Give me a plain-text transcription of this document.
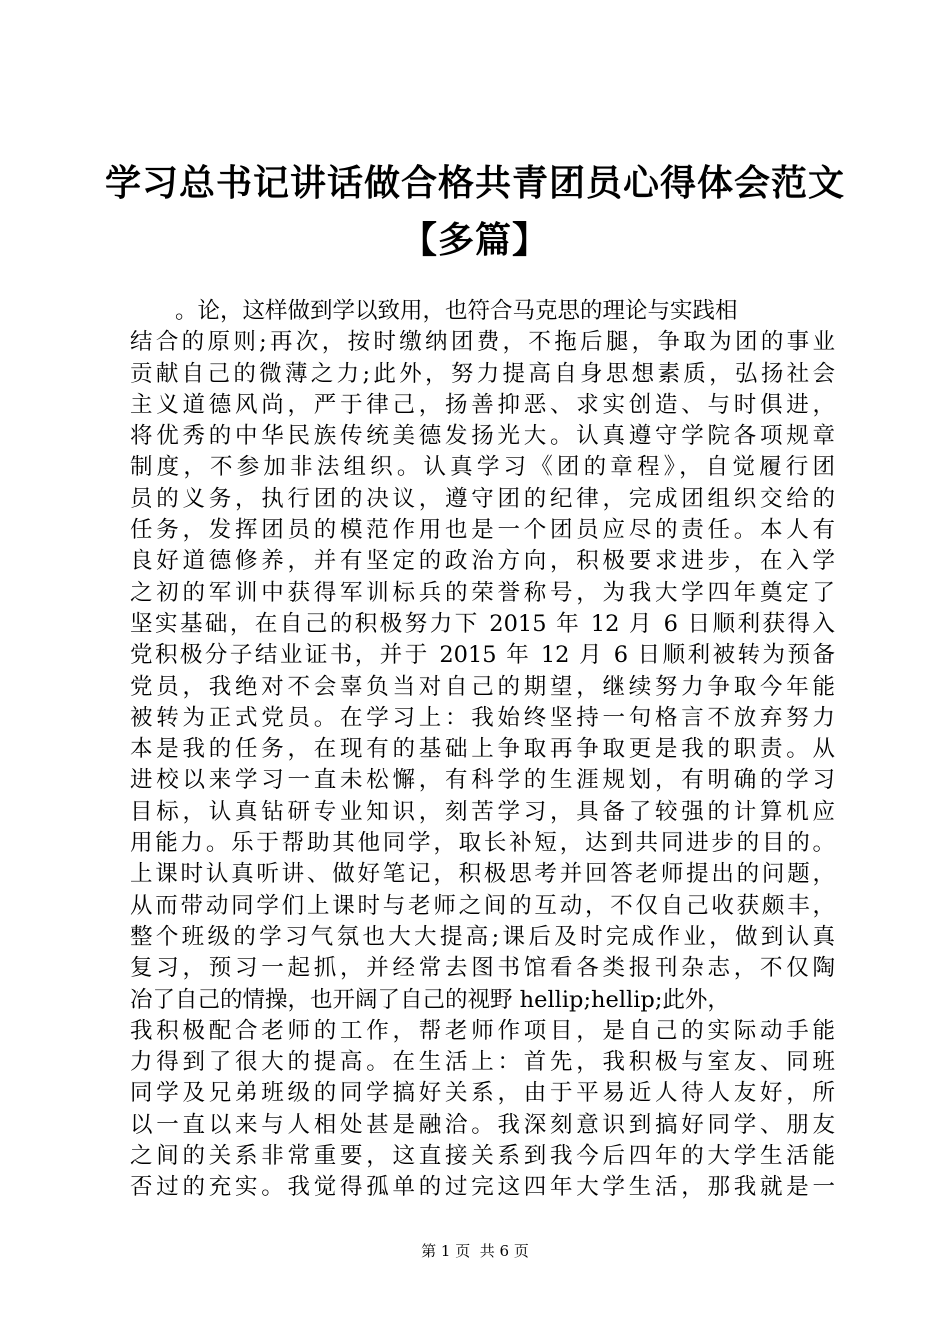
学习总书记讲话做合格共青团员心得体会范文
【多篇】
　　。论，这样做到学以致用，也符合马克思的理论与实践相
结合的原则;再次，按时缴纳团费，不拖后腿，争取为团的事业
贡献自己的微薄之力;此外，努力提高自身思想素质，弘扬社会
主义道德风尚，严于律己，扬善抑恶、求实创造、与时俱进，
将优秀的中华民族传统美德发扬光大。认真遵守学院各项规章
制度，不参加非法组织。认真学习《团的章程》，自觉履行团
员的义务，执行团的决议，遵守团的纪律，完成团组织交给的
任务，发挥团员的模范作用也是一个团员应尽的责任。本人有
良好道德修养，并有坚定的政治方向，积极要求进步，在入学
之初的军训中获得军训标兵的荣誉称号，为我大学四年奠定了
坚实基础，在自己的积极努力下 2015 年 12 月 6 日顺利获得入
党积极分子结业证书，并于 2015 年 12 月 6 日顺利被转为预备
党员，我绝对不会辜负当对自己的期望，继续努力争取今年能
被转为正式党员。在学习上：我始终坚持一句格言不放弃努力
本是我的任务，在现有的基础上争取再争取更是我的职责。从
进校以来学习一直未松懈，有科学的生涯规划，有明确的学习
目标，认真钻研专业知识，刻苦学习，具备了较强的计算机应
用能力。乐于帮助其他同学，取长补短，达到共同进步的目的。
上课时认真听讲、做好笔记，积极思考并回答老师提出的问题，
从而带动同学们上课时与老师之间的互动，不仅自己收获颇丰，
整个班级的学习气氛也大大提高;课后及时完成作业，做到认真
复习，预习一起抓，并经常去图书馆看各类报刊杂志，不仅陶
冶了自己的情操，也开阔了自己的视野 hellip;hellip;此外，
我积极配合老师的工作，帮老师作项目，是自己的实际动手能
力得到了很大的提高。在生活上：首先，我积极与室友、同班
同学及兄弟班级的同学搞好关系，由于平易近人待人友好，所
以一直以来与人相处甚是融洽。我深刻意识到搞好同学、朋友
之间的关系非常重要，这直接关系到我今后四年的大学生活能
否过的充实。我觉得孤单的过完这四年大学生活，那我就是一
第 1 页  共 6 页
